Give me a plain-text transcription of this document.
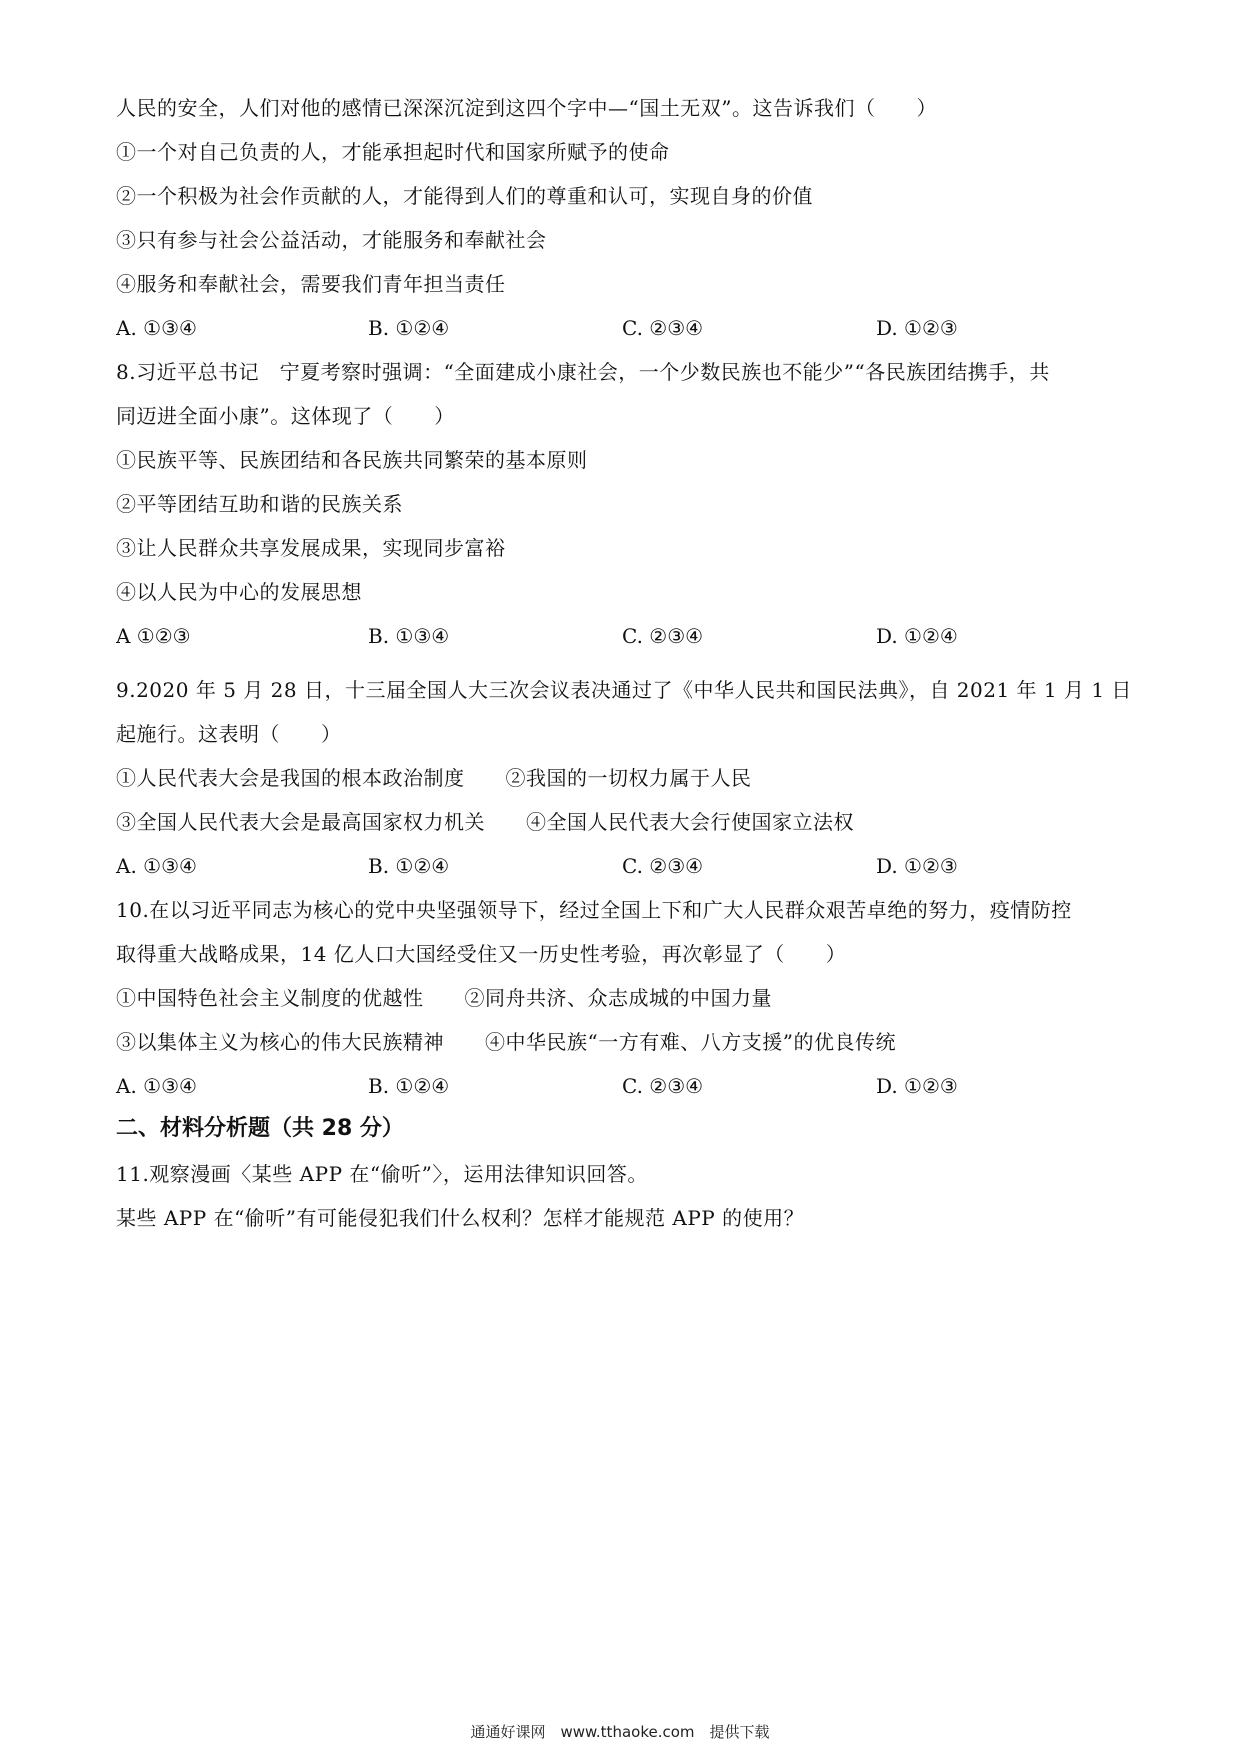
人民的安全，人们对他的感情已深深沉淀到这四个字中—“国土无双”。这告诉我们（　　）
①一个对自己负责的人，才能承担起时代和国家所赋予的使命
②一个积极为社会作贡献的人，才能得到人们的尊重和认可，实现自身的价值
③只有参与社会公益活动，才能服务和奉献社会
④服务和奉献社会，需要我们青年担当责任
A. ①③④	B. ①②④	C. ②③④	D. ①②③
8.习近平总书记　宁夏考察时强调：“全面建成小康社会，一个少数民族也不能少”“各民族团结携手，共
同迈进全面小康”。这体现了（　　）
①民族平等、民族团结和各民族共同繁荣的基本原则
②平等团结互助和谐的民族关系
③让人民群众共享发展成果，实现同步富裕
④以人民为中心的发展思想
A ①②③	B. ①③④	C. ②③④	D. ①②④
9.2020 年 5 月 28 日，十三届全国人大三次会议表决通过了《中华人民共和国民法典》，自 2021 年 1 月 1 日
起施行。这表明（　　）
①人民代表大会是我国的根本政治制度　　②我国的一切权力属于人民
③全国人民代表大会是最高国家权力机关　　④全国人民代表大会行使国家立法权
A. ①③④	B. ①②④	C. ②③④	D. ①②③
10.在以习近平同志为核心的党中央坚强领导下，经过全国上下和广大人民群众艰苦卓绝的努力，疫情防控
取得重大战略成果，14 亿人口大国经受住又一历史性考验，再次彰显了（　　）
①中国特色社会主义制度的优越性　　②同舟共济、众志成城的中国力量
③以集体主义为核心的伟大民族精神　　④中华民族“一方有难、八方支援”的优良传统
A. ①③④	B. ①②④	C. ②③④	D. ①②③
二、材料分析题（共 28 分）
11.观察漫画〈某些 APP 在“偷听”〉，运用法律知识回答。
某些 APP 在“偷听”有可能侵犯我们什么权利？怎样才能规范 APP 的使用？
通通好课网　www.tthaoke.com　提供下载
